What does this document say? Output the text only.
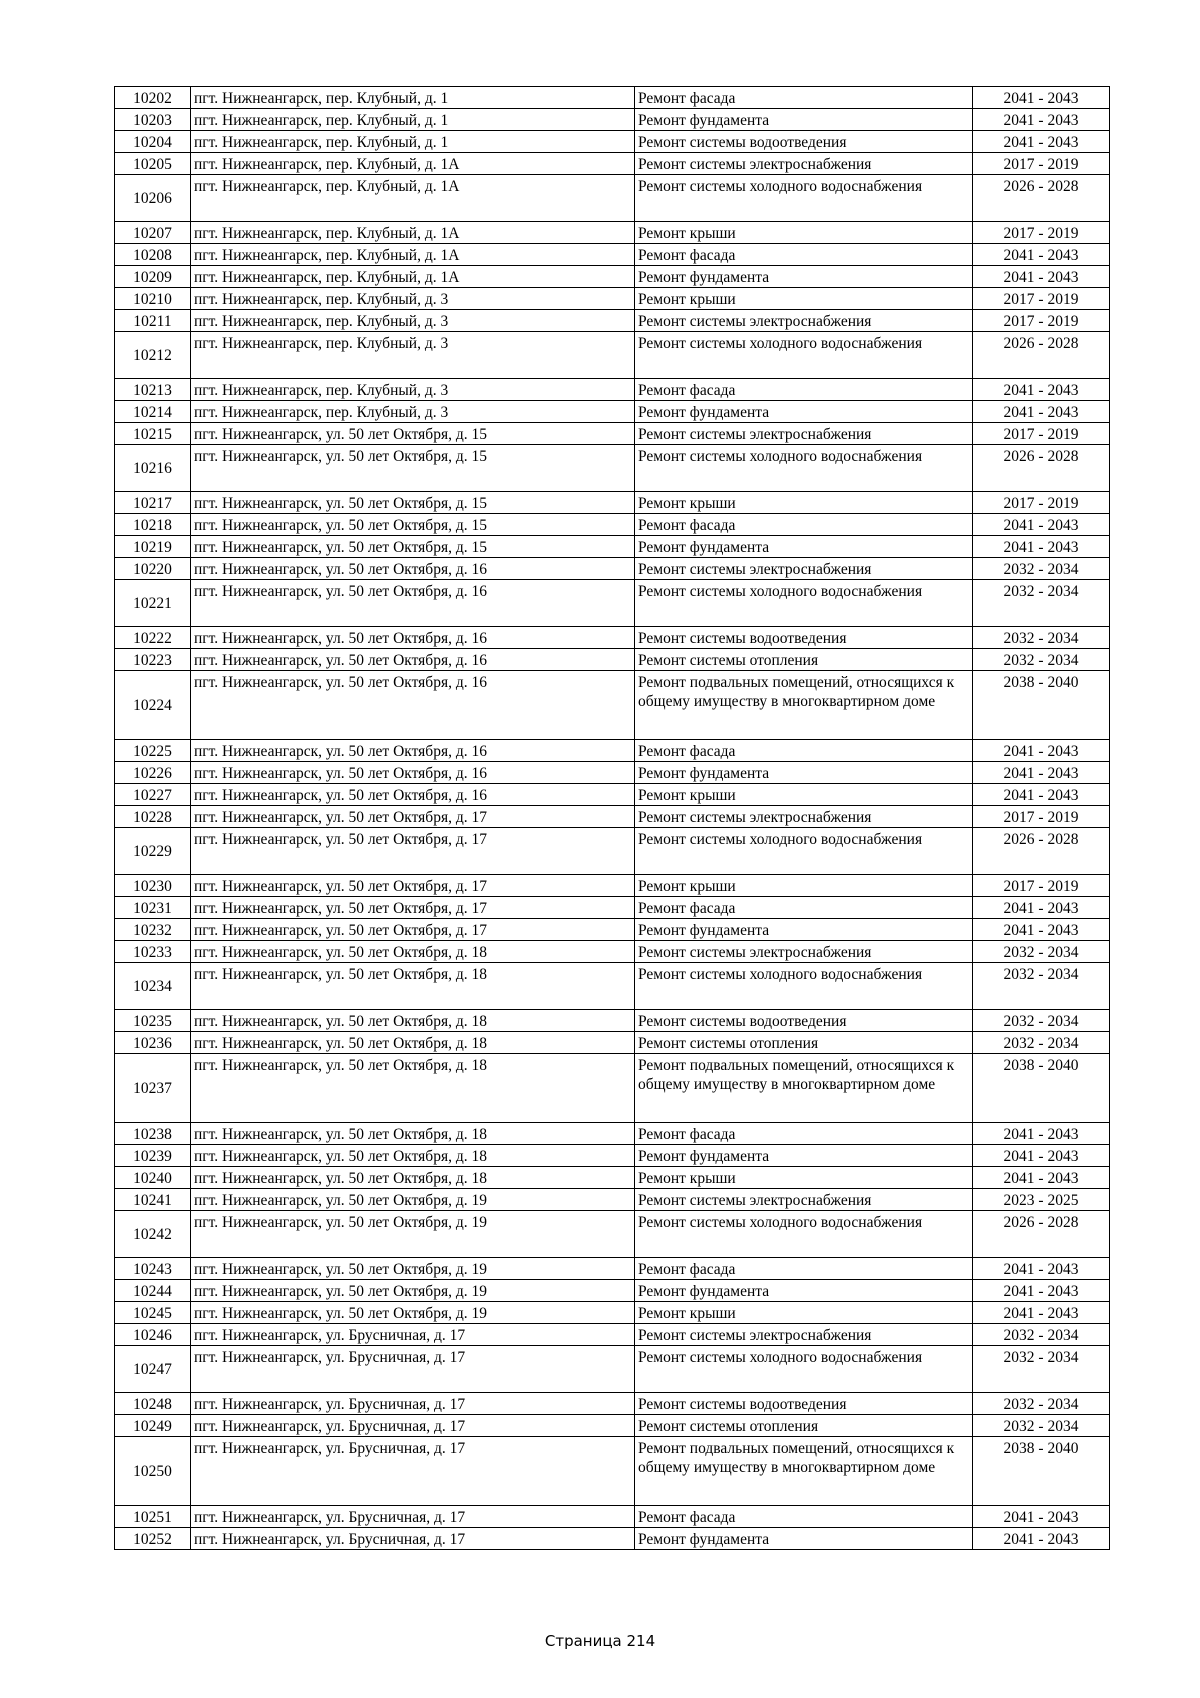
10202	пгт. Нижнеангарск, пер. Клубный, д. 1	Ремонт фасада	2041 - 2043
10203	пгт. Нижнеангарск, пер. Клубный, д. 1	Ремонт фундамента	2041 - 2043
10204	пгт. Нижнеангарск, пер. Клубный, д. 1	Ремонт системы водоотведения	2041 - 2043
10205	пгт. Нижнеангарск, пер. Клубный, д. 1А	Ремонт системы электроснабжения	2017 - 2019
10206	пгт. Нижнеангарск, пер. Клубный, д. 1А	Ремонт системы холодного водоснабжения	2026 - 2028
10207	пгт. Нижнеангарск, пер. Клубный, д. 1А	Ремонт крыши	2017 - 2019
10208	пгт. Нижнеангарск, пер. Клубный, д. 1А	Ремонт фасада	2041 - 2043
10209	пгт. Нижнеангарск, пер. Клубный, д. 1А	Ремонт фундамента	2041 - 2043
10210	пгт. Нижнеангарск, пер. Клубный, д. 3	Ремонт крыши	2017 - 2019
10211	пгт. Нижнеангарск, пер. Клубный, д. 3	Ремонт системы электроснабжения	2017 - 2019
10212	пгт. Нижнеангарск, пер. Клубный, д. 3	Ремонт системы холодного водоснабжения	2026 - 2028
10213	пгт. Нижнеангарск, пер. Клубный, д. 3	Ремонт фасада	2041 - 2043
10214	пгт. Нижнеангарск, пер. Клубный, д. 3	Ремонт фундамента	2041 - 2043
10215	пгт. Нижнеангарск, ул. 50 лет Октября, д. 15	Ремонт системы электроснабжения	2017 - 2019
10216	пгт. Нижнеангарск, ул. 50 лет Октября, д. 15	Ремонт системы холодного водоснабжения	2026 - 2028
10217	пгт. Нижнеангарск, ул. 50 лет Октября, д. 15	Ремонт крыши	2017 - 2019
10218	пгт. Нижнеангарск, ул. 50 лет Октября, д. 15	Ремонт фасада	2041 - 2043
10219	пгт. Нижнеангарск, ул. 50 лет Октября, д. 15	Ремонт фундамента	2041 - 2043
10220	пгт. Нижнеангарск, ул. 50 лет Октября, д. 16	Ремонт системы электроснабжения	2032 - 2034
10221	пгт. Нижнеангарск, ул. 50 лет Октября, д. 16	Ремонт системы холодного водоснабжения	2032 - 2034
10222	пгт. Нижнеангарск, ул. 50 лет Октября, д. 16	Ремонт системы водоотведения	2032 - 2034
10223	пгт. Нижнеангарск, ул. 50 лет Октября, д. 16	Ремонт системы отопления	2032 - 2034
10224	пгт. Нижнеангарск, ул. 50 лет Октября, д. 16	Ремонт подвальных помещений, относящихся к общему имуществу в многоквартирном доме	2038 - 2040
10225	пгт. Нижнеангарск, ул. 50 лет Октября, д. 16	Ремонт фасада	2041 - 2043
10226	пгт. Нижнеангарск, ул. 50 лет Октября, д. 16	Ремонт фундамента	2041 - 2043
10227	пгт. Нижнеангарск, ул. 50 лет Октября, д. 16	Ремонт крыши	2041 - 2043
10228	пгт. Нижнеангарск, ул. 50 лет Октября, д. 17	Ремонт системы электроснабжения	2017 - 2019
10229	пгт. Нижнеангарск, ул. 50 лет Октября, д. 17	Ремонт системы холодного водоснабжения	2026 - 2028
10230	пгт. Нижнеангарск, ул. 50 лет Октября, д. 17	Ремонт крыши	2017 - 2019
10231	пгт. Нижнеангарск, ул. 50 лет Октября, д. 17	Ремонт фасада	2041 - 2043
10232	пгт. Нижнеангарск, ул. 50 лет Октября, д. 17	Ремонт фундамента	2041 - 2043
10233	пгт. Нижнеангарск, ул. 50 лет Октября, д. 18	Ремонт системы электроснабжения	2032 - 2034
10234	пгт. Нижнеангарск, ул. 50 лет Октября, д. 18	Ремонт системы холодного водоснабжения	2032 - 2034
10235	пгт. Нижнеангарск, ул. 50 лет Октября, д. 18	Ремонт системы водоотведения	2032 - 2034
10236	пгт. Нижнеангарск, ул. 50 лет Октября, д. 18	Ремонт системы отопления	2032 - 2034
10237	пгт. Нижнеангарск, ул. 50 лет Октября, д. 18	Ремонт подвальных помещений, относящихся к общему имуществу в многоквартирном доме	2038 - 2040
10238	пгт. Нижнеангарск, ул. 50 лет Октября, д. 18	Ремонт фасада	2041 - 2043
10239	пгт. Нижнеангарск, ул. 50 лет Октября, д. 18	Ремонт фундамента	2041 - 2043
10240	пгт. Нижнеангарск, ул. 50 лет Октября, д. 18	Ремонт крыши	2041 - 2043
10241	пгт. Нижнеангарск, ул. 50 лет Октября, д. 19	Ремонт системы электроснабжения	2023 - 2025
10242	пгт. Нижнеангарск, ул. 50 лет Октября, д. 19	Ремонт системы холодного водоснабжения	2026 - 2028
10243	пгт. Нижнеангарск, ул. 50 лет Октября, д. 19	Ремонт фасада	2041 - 2043
10244	пгт. Нижнеангарск, ул. 50 лет Октября, д. 19	Ремонт фундамента	2041 - 2043
10245	пгт. Нижнеангарск, ул. 50 лет Октября, д. 19	Ремонт крыши	2041 - 2043
10246	пгт. Нижнеангарск, ул. Брусничная, д. 17	Ремонт системы электроснабжения	2032 - 2034
10247	пгт. Нижнеангарск, ул. Брусничная, д. 17	Ремонт системы холодного водоснабжения	2032 - 2034
10248	пгт. Нижнеангарск, ул. Брусничная, д. 17	Ремонт системы водоотведения	2032 - 2034
10249	пгт. Нижнеангарск, ул. Брусничная, д. 17	Ремонт системы отопления	2032 - 2034
10250	пгт. Нижнеангарск, ул. Брусничная, д. 17	Ремонт подвальных помещений, относящихся к общему имуществу в многоквартирном доме	2038 - 2040
10251	пгт. Нижнеангарск, ул. Брусничная, д. 17	Ремонт фасада	2041 - 2043
10252	пгт. Нижнеангарск, ул. Брусничная, д. 17	Ремонт фундамента	2041 - 2043
Страница 214
